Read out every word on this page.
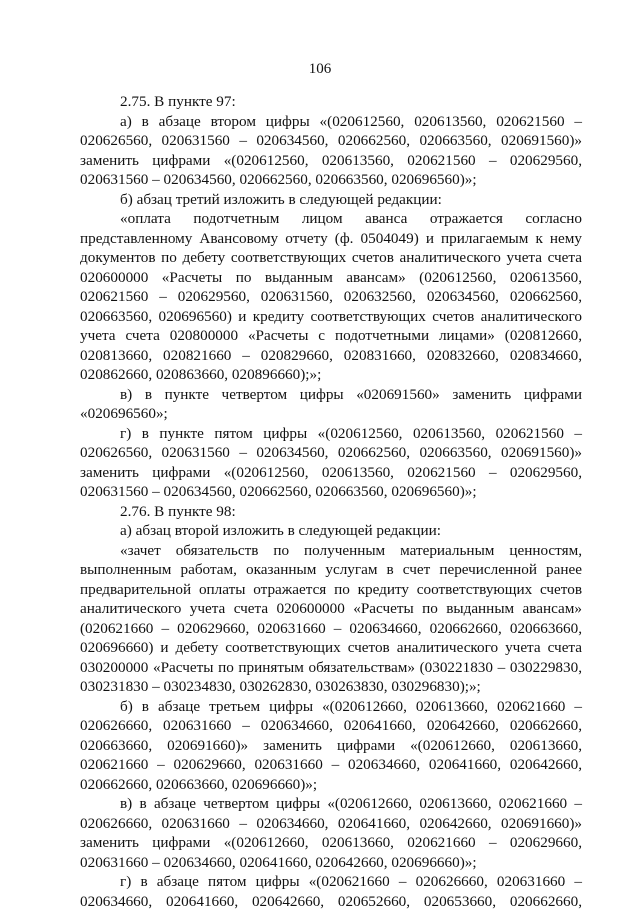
106
2.75. В пункте 97:
а) в абзаце втором цифры «(020612560, 020613560, 020621560 –
020626560, 020631560 – 020634560, 020662560, 020663560, 020691560)»
заменить цифрами «(020612560, 020613560, 020621560 – 020629560,
020631560 – 020634560, 020662560, 020663560, 020696560)»;
б) абзац третий изложить в следующей редакции:
«оплата подотчетным лицом аванса отражается согласно
представленному Авансовому отчету (ф. 0504049) и прилагаемым к нему
документов по дебету соответствующих счетов аналитического учета счета
020600000 «Расчеты по выданным авансам» (020612560, 020613560,
020621560 – 020629560, 020631560, 020632560, 020634560, 020662560,
020663560, 020696560) и кредиту соответствующих счетов аналитического
учета счета 020800000 «Расчеты с подотчетными лицами» (020812660,
020813660, 020821660 – 020829660, 020831660, 020832660, 020834660,
020862660, 020863660, 020896660);»;
в) в пункте четвертом цифры «020691560» заменить цифрами
«020696560»;
г) в пункте пятом цифры «(020612560, 020613560, 020621560 –
020626560, 020631560 – 020634560, 020662560, 020663560, 020691560)»
заменить цифрами «(020612560, 020613560, 020621560 – 020629560,
020631560 – 020634560, 020662560, 020663560, 020696560)»;
2.76. В пункте 98:
а) абзац второй изложить в следующей редакции:
«зачет обязательств по полученным материальным ценностям,
выполненным работам, оказанным услугам в счет перечисленной ранее
предварительной оплаты отражается по кредиту соответствующих счетов
аналитического учета счета 020600000 «Расчеты по выданным авансам»
(020621660 – 020629660, 020631660 – 020634660, 020662660, 020663660,
020696660) и дебету соответствующих счетов аналитического учета счета
030200000 «Расчеты по принятым обязательствам» (030221830 – 030229830,
030231830 – 030234830, 030262830, 030263830, 030296830);»;
б) в абзаце третьем цифры «(020612660, 020613660, 020621660 –
020626660, 020631660 – 020634660, 020641660, 020642660, 020662660,
020663660, 020691660)» заменить цифрами «(020612660, 020613660,
020621660 – 020629660, 020631660 – 020634660, 020641660, 020642660,
020662660, 020663660, 020696660)»;
в) в абзаце четвертом цифры «(020612660, 020613660, 020621660 –
020626660, 020631660 – 020634660, 020641660, 020642660, 020691660)»
заменить цифрами «(020612660, 020613660, 020621660 – 020629660,
020631660 – 020634660, 020641660, 020642660, 020696660)»;
г) в абзаце пятом цифры «(020621660 – 020626660, 020631660 –
020634660, 020641660, 020642660, 020652660, 020653660, 020662660,
